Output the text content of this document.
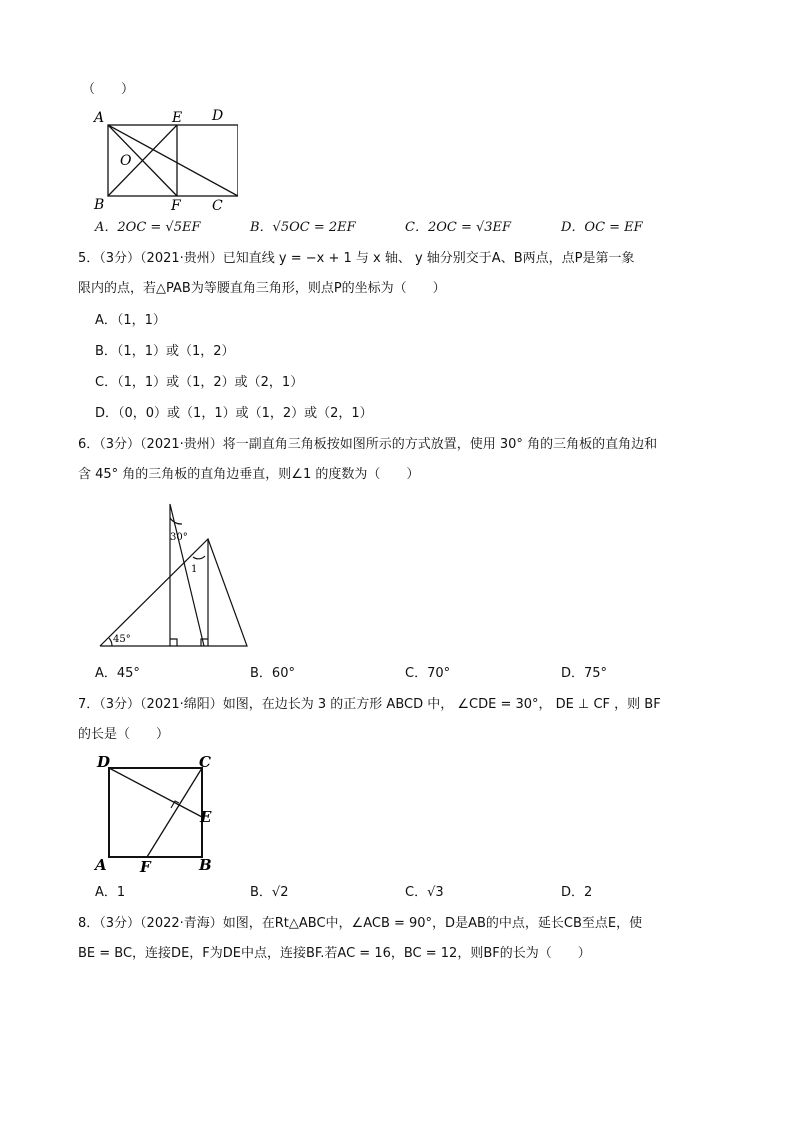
（　　）
A	E D
O
B	F C
A．2OC = √5EF	B．√5OC = 2EF	C．2OC = √3EF	D．OC = EF
5．（3分）（2021·贵州）已知直线 y = −x + 1 与 x 轴、 y 轴分别交于A、B两点，点P是第一象
限内的点，若△PAB为等腰直角三角形，则点P的坐标为（　　）
A．（1，1）
B．（1，1）或（1，2）
C．（1，1）或（1，2）或（2，1）
D．（0，0）或（1，1）或（1，2）或（2，1）
6．（3分）（2021·贵州）将一副直角三角板按如图所示的方式放置，使用 30° 角的三角板的直角边和
含 45° 角的三角板的直角边垂直，则∠1 的度数为（　　）
30°
1
45°
A．45°	B．60°	C．70°	D．75°
7．（3分）（2021·绵阳）如图，在边长为 3 的正方形 ABCD 中， ∠CDE = 30°， DE ⊥ CF ，则 BF
的长是（　　）
D	C
E
A F	B
A．1	B．√2	C．√3	D．2
8．（3分）（2022·青海）如图，在Rt△ABC中，∠ACB = 90°，D是AB的中点，延长CB至点E，使
BE = BC，连接DE，F为DE中点，连接BF.若AC = 16，BC = 12，则BF的长为（　　）
